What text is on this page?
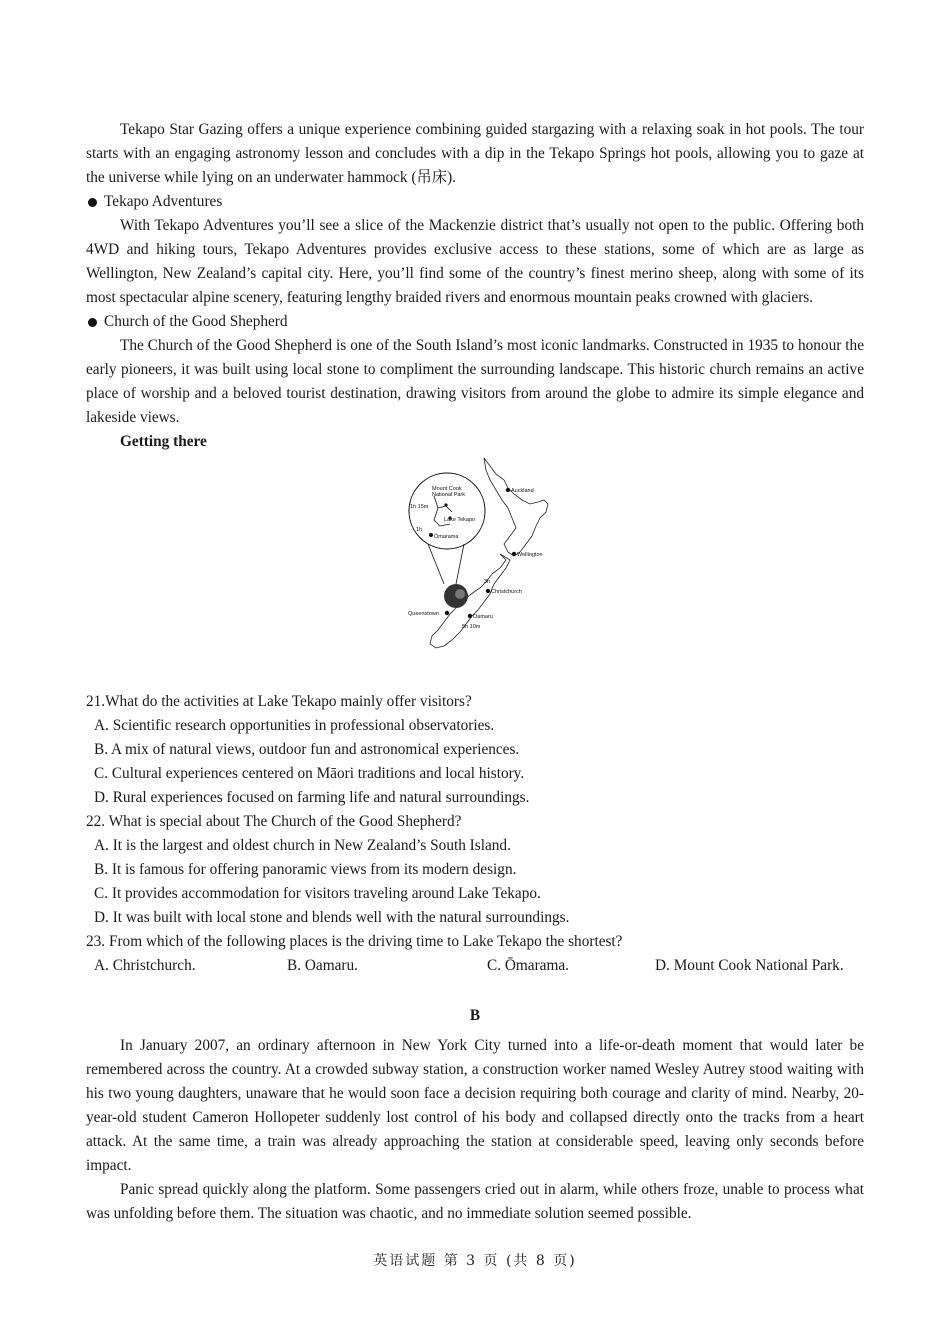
Tekapo Star Gazing offers a unique experience combining guided stargazing with a relaxing soak in hot pools. The tour starts with an engaging astronomy lesson and concludes with a dip in the Tekapo Springs hot pools, allowing you to gaze at the universe while lying on an underwater hammock (吊床).

Tekapo Adventures

With Tekapo Adventures you’ll see a slice of the Mackenzie district that’s usually not open to the public. Offering both 4WD and hiking tours, Tekapo Adventures provides exclusive access to these stations, some of which are as large as Wellington, New Zealand’s capital city. Here, you’ll find some of the country’s finest merino sheep, along with some of its most spectacular alpine scenery, featuring lengthy braided rivers and enormous mountain peaks crowned with glaciers.

Church of the Good Shepherd

The Church of the Good Shepherd is one of the South Island’s most iconic landmarks. Constructed in 1935 to honour the early pioneers, it was built using local stone to compliment the surrounding landscape. This historic church remains an active place of worship and a beloved tourist destination, drawing visitors from around the globe to admire its simple elegance and lakeside views.

Getting there
Mount Cook
National Park
1h 15m
Lake Tekapo
1h
Ōmarama
Auckland
Wellington
Christchurch
3h
Queenstown	Oamaru
5h 10m
21.What do the activities at Lake Tekapo mainly offer visitors?
A. Scientific research opportunities in professional observatories.
B. A mix of natural views, outdoor fun and astronomical experiences.
C. Cultural experiences centered on Māori traditions and local history.
D. Rural experiences focused on farming life and natural surroundings.
22. What is special about The Church of the Good Shepherd?
A. It is the largest and oldest church in New Zealand’s South Island.
B. It is famous for offering panoramic views from its modern design.
C. It provides accommodation for visitors traveling around Lake Tekapo.
D. It was built with local stone and blends well with the natural surroundings.
23. From which of the following places is the driving time to Lake Tekapo the shortest?
A. Christchurch.	B. Oamaru.	C. Ōmarama.	D. Mount Cook National Park.
B

In January 2007, an ordinary afternoon in New York City turned into a life-or-death moment that would later be remembered across the country. At a crowded subway station, a construction worker named Wesley Autrey stood waiting with his two young daughters, unaware that he would soon face a decision requiring both courage and clarity of mind. Nearby, 20-year-old student Cameron Hollopeter suddenly lost control of his body and collapsed directly onto the tracks from a heart attack. At the same time, a train was already approaching the station at considerable speed, leaving only seconds before impact.

Panic spread quickly along the platform. Some passengers cried out in alarm, while others froze, unable to process what was unfolding before them. The situation was chaotic, and no immediate solution seemed possible.

英语试题 第 3 页 (共 8 页)
